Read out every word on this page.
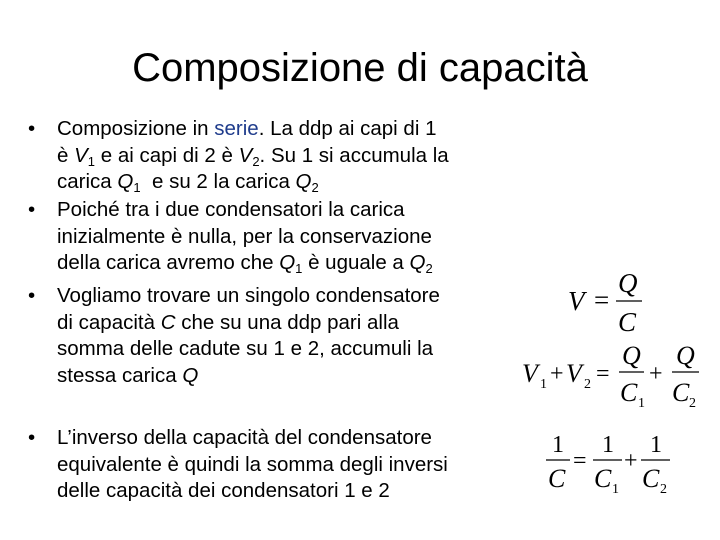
Composizione di capacità
• Composizione in serie. La ddp ai capi di 1
è $V_1$ e ai capi di 2 è $V_2$. Su 1 si accumula la
carica $Q_1$  e su 2 la carica $Q_2$
• Poiché tra i due condensatori la carica
inizialmente è nulla, per la conservazione
della carica avremo che $Q_1$ è uguale a $Q_2$
• Vogliamo trovare un singolo condensatore
di capacità C che su una ddp pari alla
somma delle cadute su 1 e 2, accumuli la
stessa carica Q
• L’inverso della capacità del condensatore
equivalente è quindi la somma degli inversi
delle capacità dei condensatori 1 e 2
V =
Q
C
V 1 + V 2 =
Q
C 1
+
Q
C 2
1
C
=
1
C 1
+
1
C 2
